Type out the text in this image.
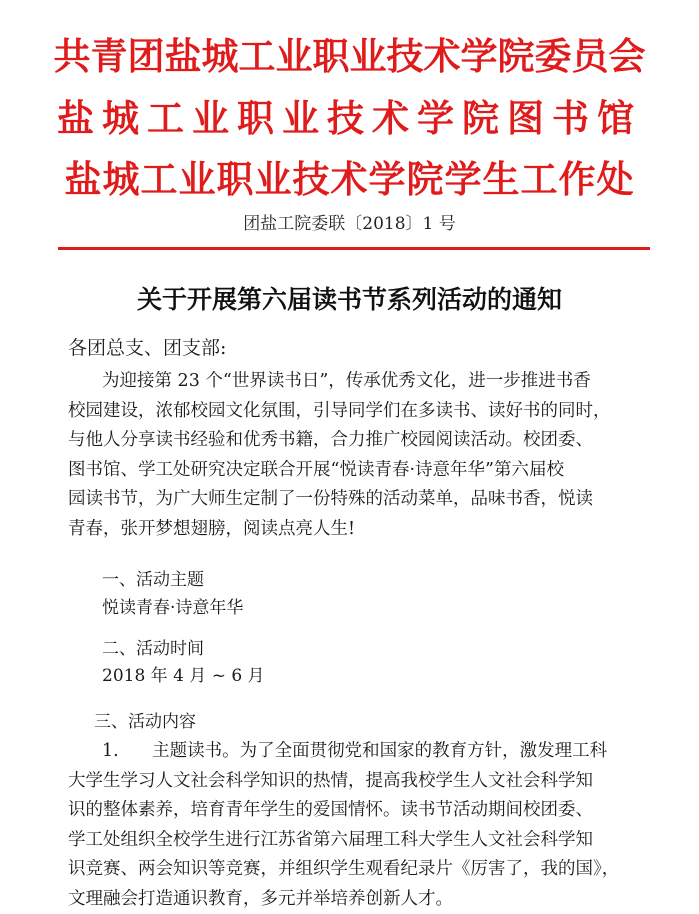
共青团盐城工业职业技术学院委员会
盐城工业职业技术学院图书馆
盐城工业职业技术学院学生工作处
团盐工院委联〔2018〕1 号
关于开展第六届读书节系列活动的通知
各团总支、团支部:
为迎接第 23 个“世界读书日”，传承优秀文化，进一步推进书香
校园建设，浓郁校园文化氛围，引导同学们在多读书、读好书的同时，
与他人分享读书经验和优秀书籍，合力推广校园阅读活动。校团委、
图书馆、学工处研究决定联合开展“悦读青春·诗意年华”第六届校
园读书节，为广大师生定制了一份特殊的活动菜单，品味书香，悦读
青春，张开梦想翅膀，阅读点亮人生!
一、活动主题
悦读青春·诗意年华
二、活动时间
2018 年 4 月 ~ 6 月
三、活动内容
1.      主题读书。为了全面贯彻党和国家的教育方针，激发理工科
大学生学习人文社会科学知识的热情，提高我校学生人文社会科学知
识的整体素养，培育青年学生的爱国情怀。读书节活动期间校团委、
学工处组织全校学生进行江苏省第六届理工科大学生人文社会科学知
识竞赛、两会知识等竞赛，并组织学生观看纪录片《厉害了，我的国》，
文理融会打造通识教育，多元并举培养创新人才。
